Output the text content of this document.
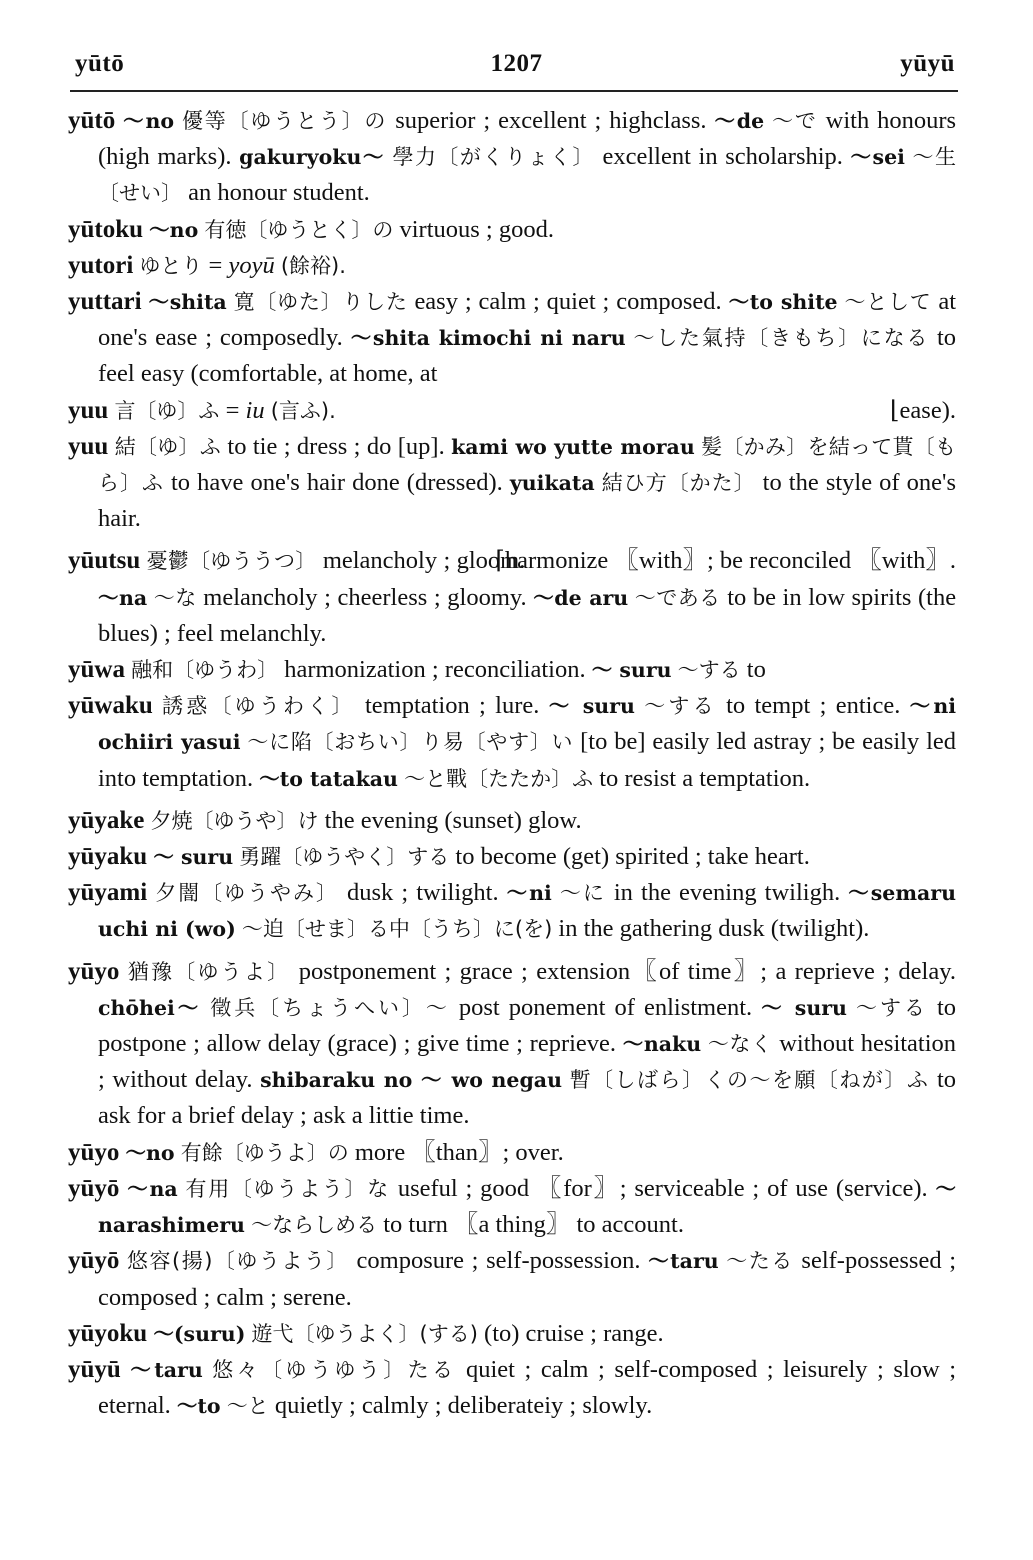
yūtō	1207	yūyū
yūtō ～no 優等〔ゆうとう〕の superior ; excellent ; highclass. ～de ～で with honours (high marks). gakuryoku～ 學力〔がくりょく〕 excellent in scholarship. ～sei ～生〔せい〕 an honour student.
yūtoku ～no 有徳〔ゆうとく〕の virtuous ; good.
yutori ゆとり = yoyū (餘裕).
yuttari ～shita 寛〔ゆた〕りした easy ; calm ; quiet ; composed. ～to shite ～として at one's ease ; composedly. ～shita kimochi ni naru ～した氣持〔きもち〕になる to feel easy (comfortable, at home, at
⌊ease).
yuu 言〔ゆ〕ふ = iu (言ふ).
yuu 結〔ゆ〕ふ to tie ; dress ; do [up]. kami wo yutte morau 髪〔かみ〕を結って貰〔もら〕ふ to have one's hair done (dressed). yuikata 結ひ方〔かた〕 to the style of one's hair.
⌈harmonize 〖with〗; be reconciled 〖with〗.
yūutsu 憂鬱〔ゆううつ〕 melancholy ; gloom. ～na ～な melancholy ; cheerless ; gloomy. ～de aru ～である to be in low spirits (the blues) ; feel melanchly.
yūwa 融和〔ゆうわ〕 harmonization ; reconciliation. ～ suru ～する to
yūwaku 誘惑〔ゆうわく〕 temptation ; lure. ～ suru ～する to tempt ; entice. ～ni ochiiri yasui ～に陷〔おちい〕り易〔やす〕い [to be] easily led astray ; be easily led into temptation. ～to tatakau ～と戰〔たたか〕ふ to resist a temptation.
yūyake 夕焼〔ゆうや〕け the evening (sunset) glow.
yūyaku ～ suru 勇躍〔ゆうやく〕する to become (get) spirited ; take heart.
yūyami 夕闇〔ゆうやみ〕 dusk ; twilight. ～ni ～に in the evening twiligh. ～semaru uchi ni (wo) ～迫〔せま〕る中〔うち〕に(を) in the gathering dusk (twilight).
yūyo 猶豫〔ゆうよ〕 postponement ; grace ; extension〖of time〗; a reprieve ; delay. chōhei～ 徵兵〔ちょうへい〕～ post ponement of enlistment. ～ suru ～する to postpone ; allow delay (grace) ; give time ; reprieve. ～naku ～なく without hesitation ; without delay. shibaraku no ～ wo negau 暫〔しばら〕くの～を願〔ねが〕ふ to ask for a brief delay ; ask a littie time.
yūyo ～no 有餘〔ゆうよ〕の more 〖than〗; over.
yūyō ～na 有用〔ゆうよう〕な useful ; good 〖for〗; serviceable ; of use (service). ～narashimeru ～ならしめる to turn 〖a thing〗 to account.
yūyō 悠容(揚)〔ゆうよう〕 composure ; self-possession. ～taru ～たる self-possessed ; composed ; calm ; serene.
yūyoku ～(suru) 遊弋〔ゆうよく〕(する) (to) cruise ; range.
yūyū ～taru 悠々〔ゆうゆう〕たる quiet ; calm ; self-composed ; leisurely ; slow ; eternal. ～to ～と quietly ; calmly ; deliberateiy ; slowly.
